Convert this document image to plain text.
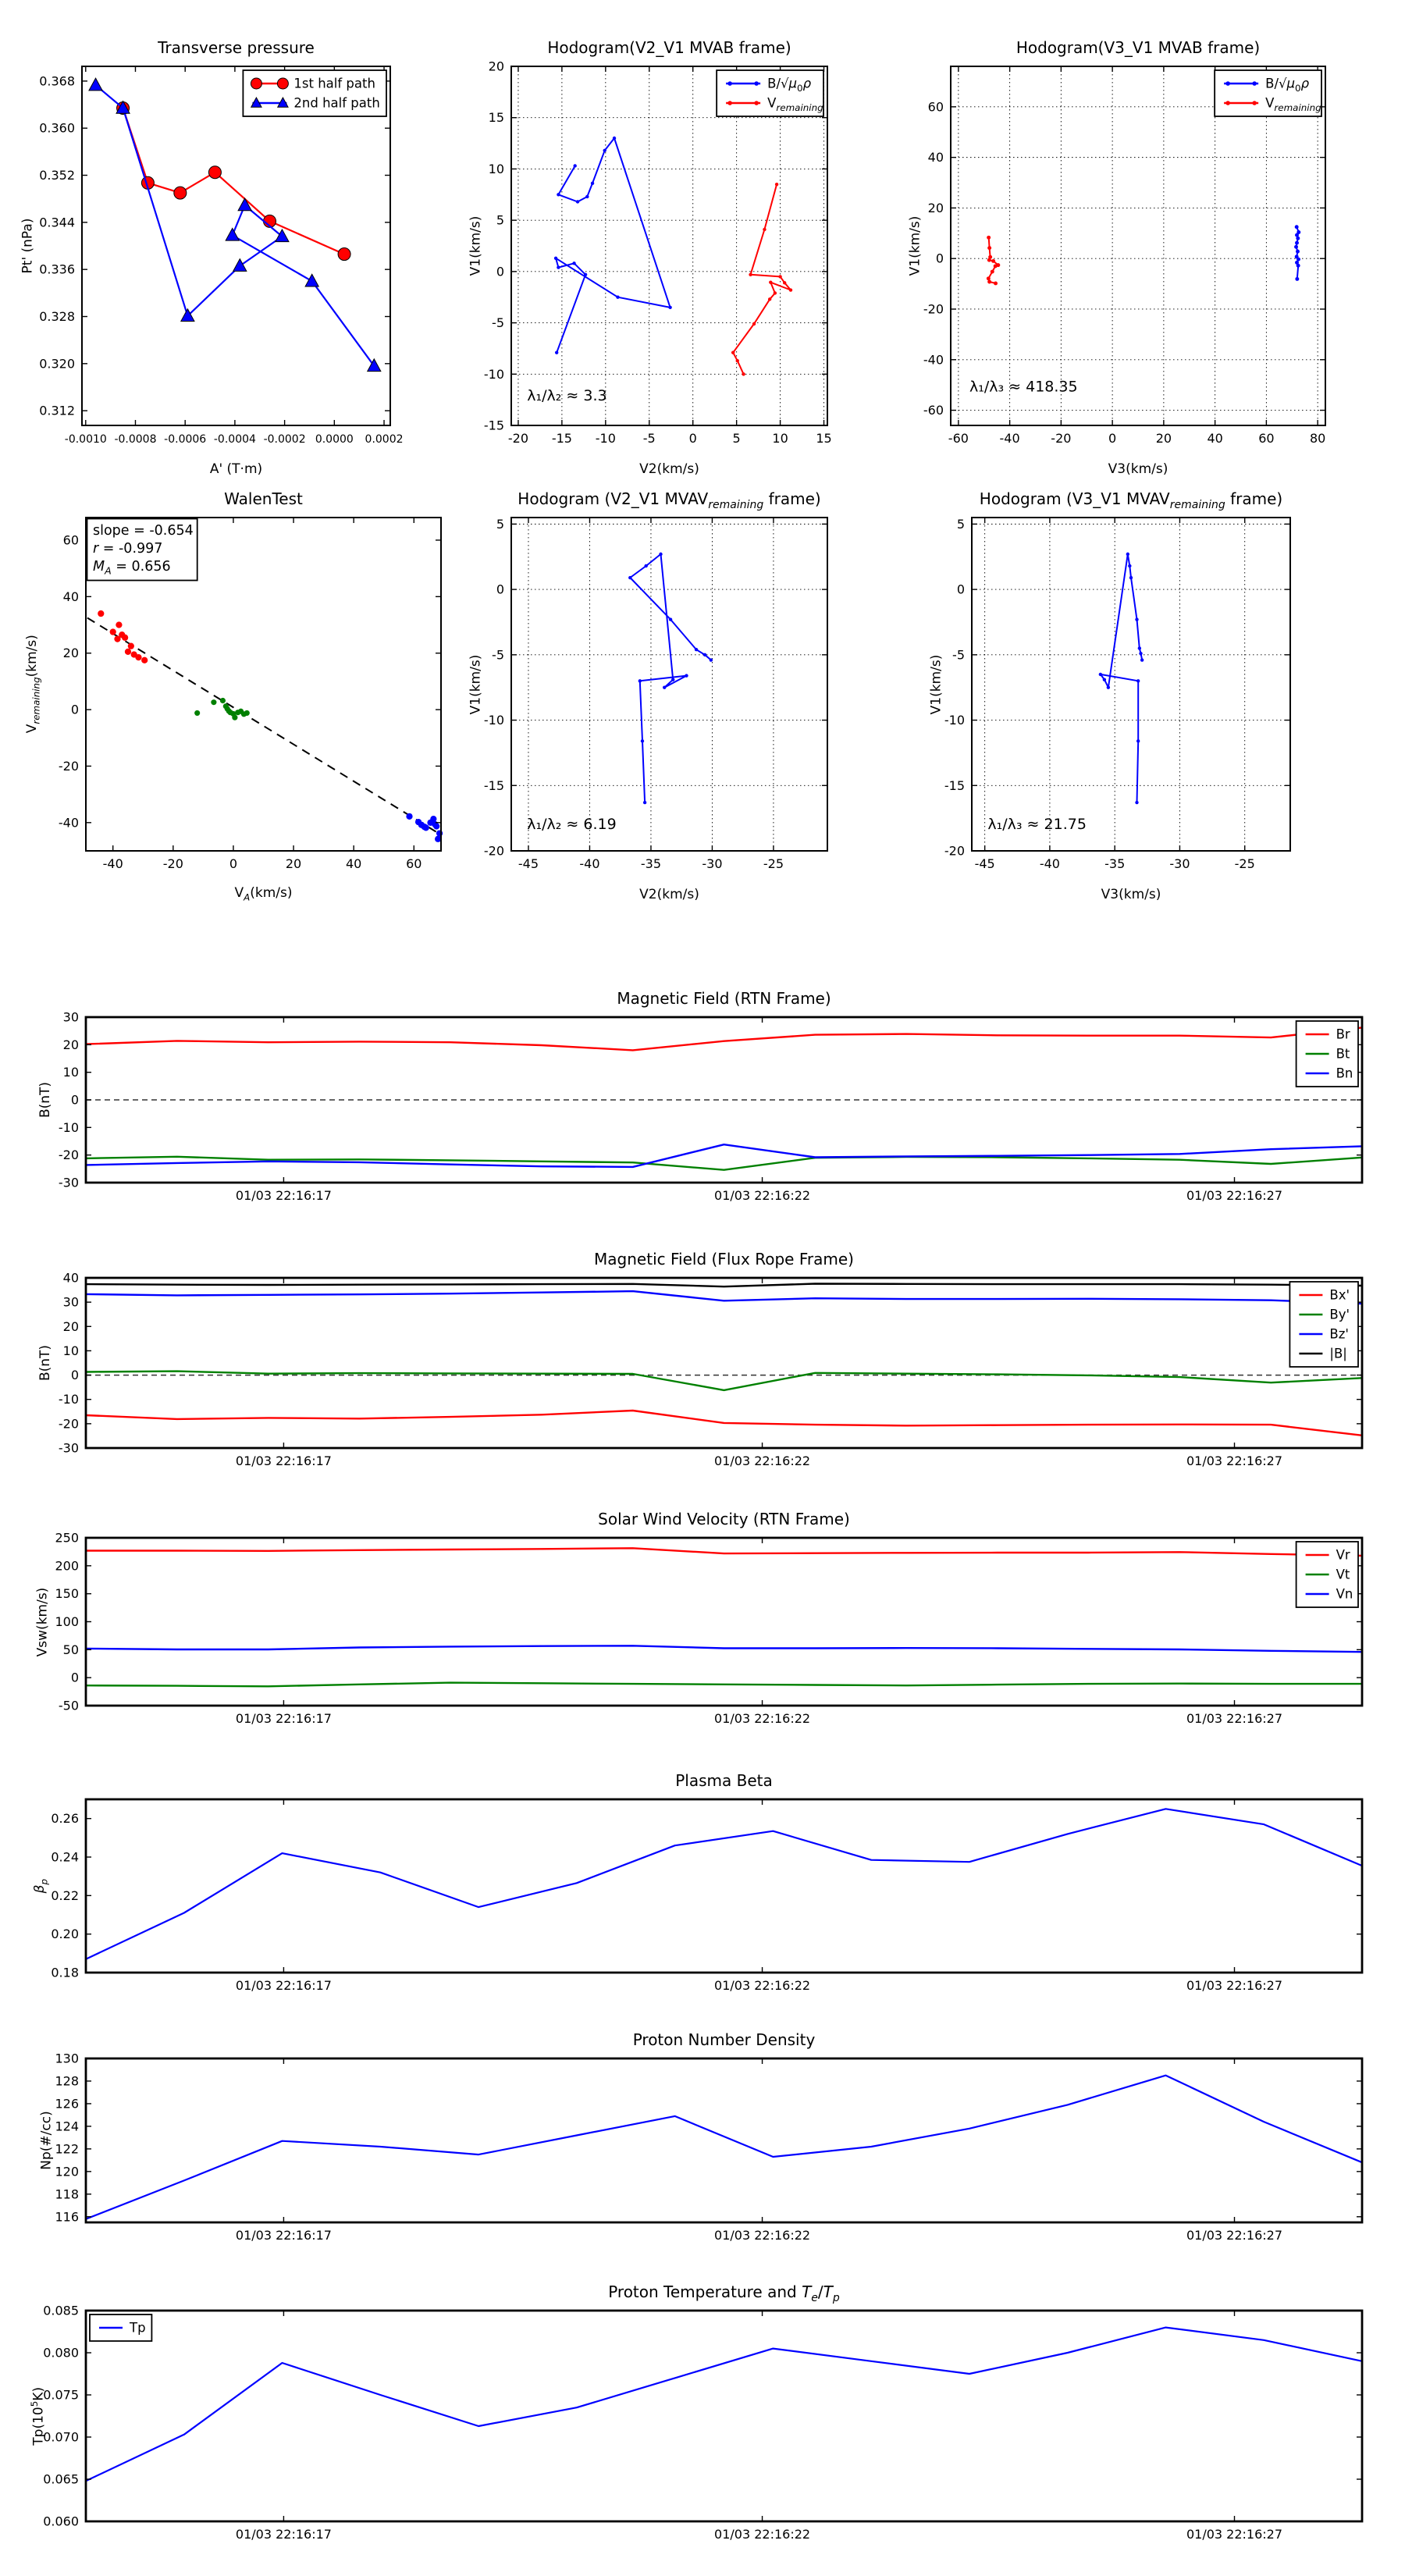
Transverse pressure
Pt' (nPa)
A' (T·m)
-0.0010 -0.0008 -0.0006 -0.0004 -0.0002 0.0000 0.0002
0.312
0.320
0.328
0.336
0.344
0.352
0.360
0.368	1st half path
2nd half path
Hodogram(V2_V1 MVAB frame)
V1(km/s)
V2(km/s)
-20 -15 -10 -5	0	5	10 15
-15
-10
-5
0
5
10
15
20
$B/√\mu_0\rho$
$V_{remaining}$
λ₁/λ₂ ≈ 3.3
Hodogram(V3_V1 MVAB frame)
V1(km/s)
V3(km/s)
-60 -40 -20	0	20	40	60	80
-60
-40
-20
0
20
40
60
$B/√\mu_0\rho$
$V_{remaining}$
λ₁/λ₃ ≈ 418.35
WalenTest
$V_{remaining}(km/s)$
$V_A(km/s)$
-40	-20	0	20	40	60
-40
-20
0
20
40
60
slope = -0.654
r = -0.997
$M_A = 0.656$
Hodogram (V2_V1 $MVAV_{remaining}$ frame)
V1(km/s)
V2(km/s)
-45	-40	-35	-30	-25
-20
-15
-10
-5
0
5
λ₁/λ₂ ≈ 6.19
Hodogram (V3_V1 $MVAV_{remaining}$ frame)
V1(km/s)
V3(km/s)
-45	-40	-35	-30	-25
-20
-15
-10
-5
0
5
λ₁/λ₃ ≈ 21.75
Magnetic Field (RTN Frame)
B(nT)
01/03 22:16:17	01/03 22:16:22	01/03 22:16:27
-30
-20
-10
0
10
20
30
Br
Bt
Bn
Magnetic Field (Flux Rope Frame)
B(nT)
01/03 22:16:17	01/03 22:16:22	01/03 22:16:27
-30
-20
-10
0
10
20
30
40
Bx'
By'
Bz'
|B|
Solar Wind Velocity (RTN Frame)
Vsw(km/s)
01/03 22:16:17	01/03 22:16:22	01/03 22:16:27
-50
0
50
100
150
200
250
Vr
Vt
Vn
Plasma Beta
$\beta_p$
01/03 22:16:17	01/03 22:16:22	01/03 22:16:27
0.18
0.20
0.22
0.24
0.26
Proton Number Density
Np(#/cc)
01/03 22:16:17	01/03 22:16:22	01/03 22:16:27
116
118
120
122
124
126
128
130
Proton Temperature and $T_e/T_p$
$Tp(10^5K)$
01/03 22:16:17	01/03 22:16:22	01/03 22:16:27
0.060
0.065
0.070
0.075
0.080
0.085
Tp
